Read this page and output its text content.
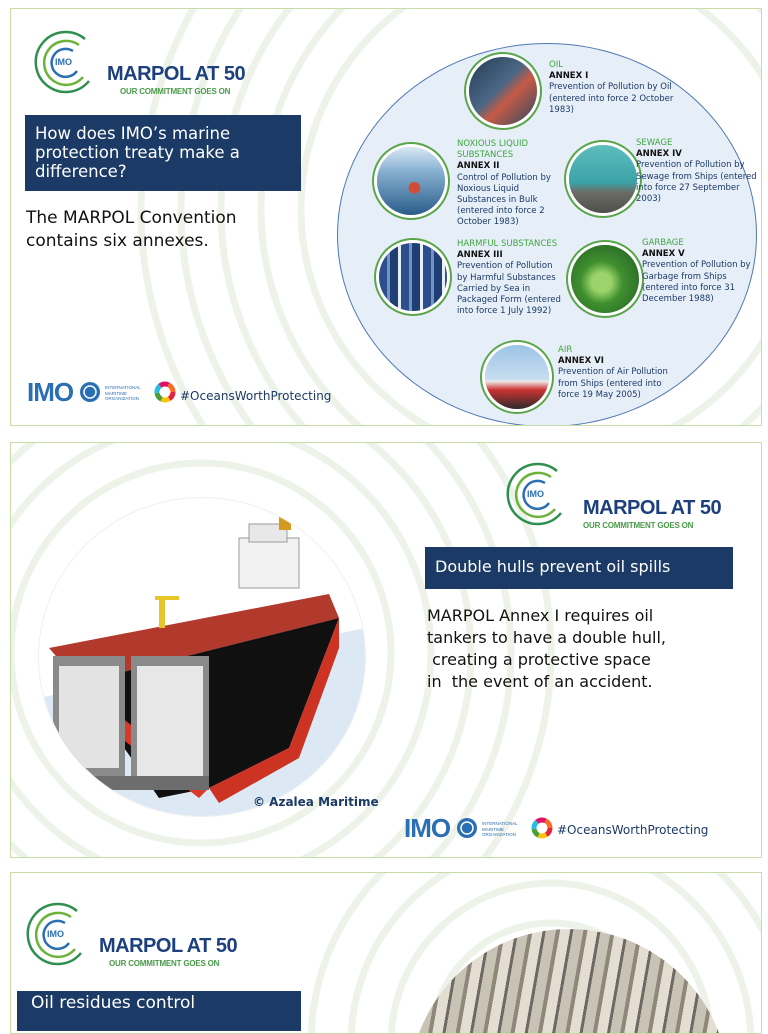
IMO
MARPOL AT 50
OUR COMMITMENT GOES ON
How does IMO’s marine protection treaty make a difference?
The MARPOL Convention contains six annexes.
IMO	INTERNATIONAL MARITIME ORGANIZATION	#OceansWorthProtecting
OIL
ANNEX I
Prevention of Pollution by Oil (entered into force 2 October 1983)
NOXIOUS LIQUID SUBSTANCES
ANNEX II
Control of Pollution by Noxious Liquid Substances in Bulk (entered into force 2 October 1983)
SEWAGE
ANNEX IV
Prevention of Pollution by Sewage from Ships (entered into force 27 September 2003)
HARMFUL SUBSTANCES
ANNEX III
Prevention of Pollution by Harmful Substances Carried by Sea in Packaged Form (entered into force 1 July 1992)
GARBAGE
ANNEX V
Prevention of Pollution by Garbage from Ships (entered into force 31 December 1988)
AIR
ANNEX VI
Prevention of Air Pollution from Ships (entered into force 19 May 2005)
IMO
MARPOL AT 50
OUR COMMITMENT GOES ON
Double hulls prevent oil spills
MARPOL Annex I requires oil
tankers to have a double hull,
creating a protective space
in  the event of an accident.
© Azalea Maritime
IMO	INTERNATIONAL MARITIME ORGANIZATION	#OceansWorthProtecting
IMO
MARPOL AT 50
OUR COMMITMENT GOES ON
Oil residues control
